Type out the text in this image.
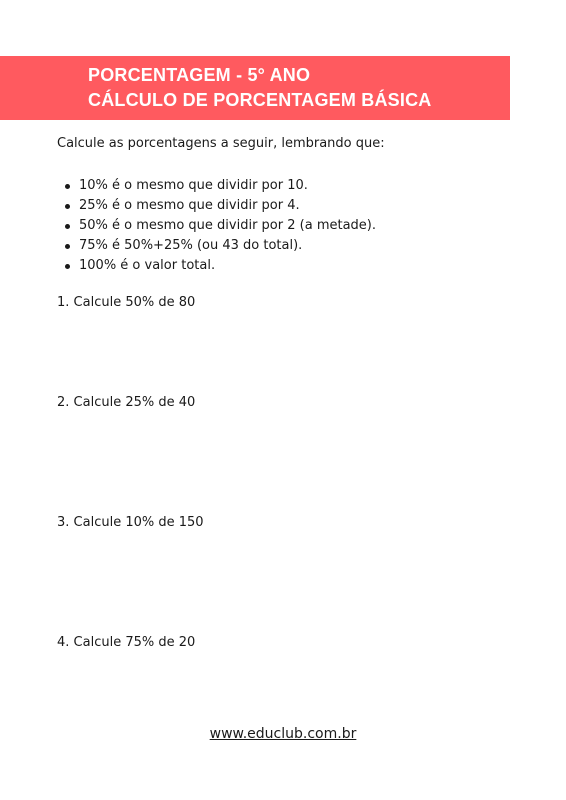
PORCENTAGEM - 5° ANO
CÁLCULO DE PORCENTAGEM BÁSICA
Calcule as porcentagens a seguir, lembrando que:
10% é o mesmo que dividir por 10.
25% é o mesmo que dividir por 4.
50% é o mesmo que dividir por 2 (a metade).
75% é 50%+25% (ou 43 do total).
100% é o valor total.
1. Calcule 50% de 80
2. Calcule 25% de 40
3. Calcule 10% de 150
4. Calcule 75% de 20
www.educlub.com.br
